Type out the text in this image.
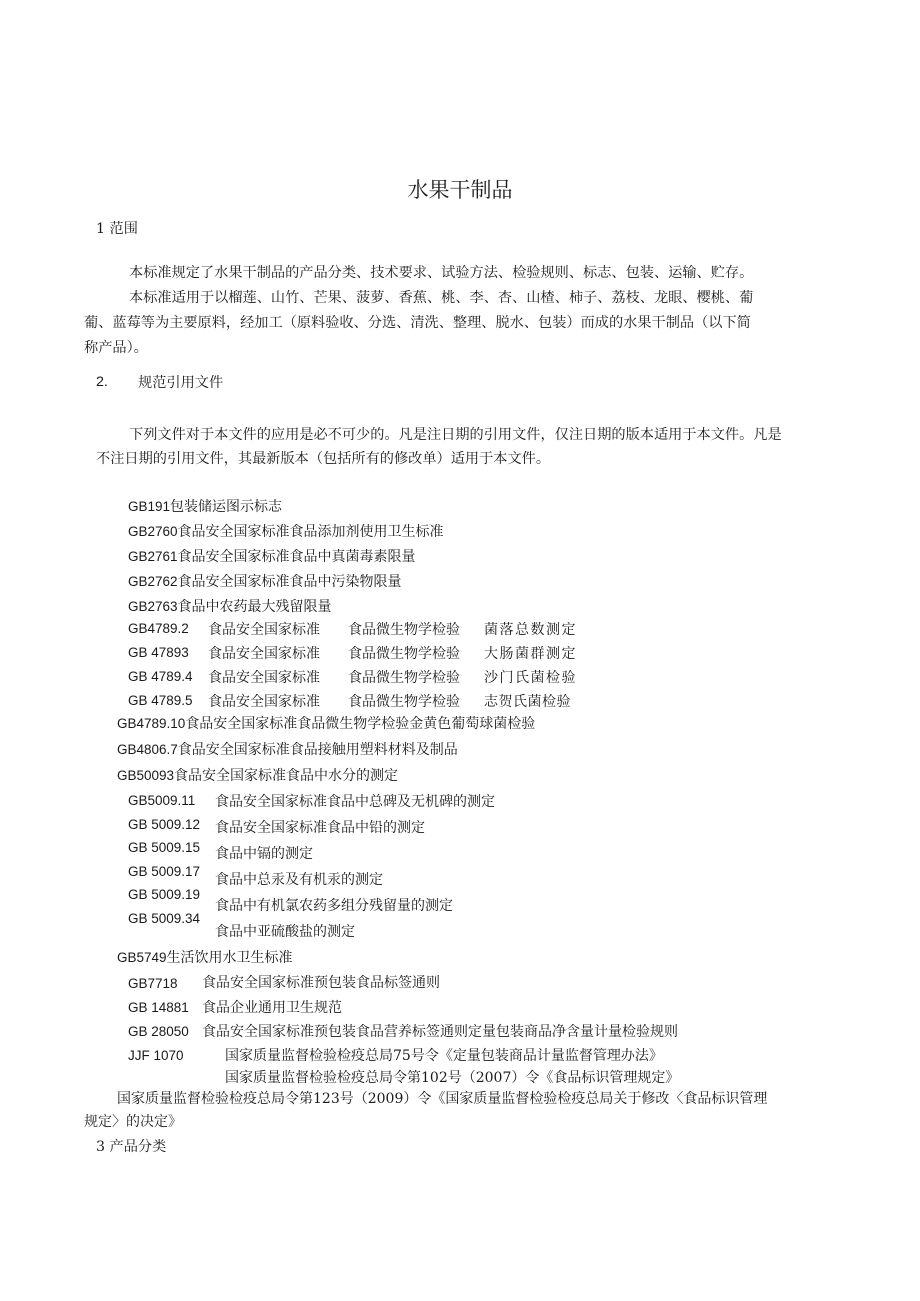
水果干制品
1 范围
本标准规定了水果干制品的产品分类、技术要求、试验方法、检验规则、标志、包装、运输、贮存。
本标准适用于以榴莲、山竹、芒果、菠萝、香蕉、桃、李、杏、山楂、柿子、荔枝、龙眼、樱桃、葡
葡、蓝莓等为主要原料，经加工（原料验收、分选、清洗、整理、脱水、包装）而成的水果干制品（以下简
称产品）。
2. 规范引用文件
下列文件对于本文件的应用是必不可少的。凡是注日期的引用文件，仅注日期的版本适用于本文件。凡是
不注日期的引用文件，其最新版本（包括所有的修改单）适用于本文件。
GB191包装储运图示标志
GB2760食品安全国家标准食品添加剂使用卫生标准
GB2761食品安全国家标准食品中真菌毒素限量
GB2762食品安全国家标准食品中污染物限量
GB2763食品中农药最大残留限量
GB4789.2 食品安全国家标准 食品微生物学检验 菌落总数测定
GB 47893 食品安全国家标准 食品微生物学检验 大肠菌群测定
GB 4789.4 食品安全国家标准 食品微生物学检验 沙门氏菌检验
GB 4789.5 食品安全国家标准 食品微生物学检验 志贺氏菌检验
GB4789.10食品安全国家标准食品微生物学检验金黄色葡萄球菌检验
GB4806.7食品安全国家标准食品接触用塑料材料及制品
GB50093食品安全国家标准食品中水分的测定
GB5009.11
GB 5009.12
GB 5009.15
GB 5009.17
GB 5009.19
GB 5009.34
食品安全国家标准食品中总碑及无机碑的测定
食品安全国家标准食品中铅的测定
食品中镉的测定
食品中总汞及有机汞的测定
食品中有机氯农药多组分残留量的测定
食品中亚硫酸盐的测定
GB5749生活饮用水卫生标准
GB7718 食品安全国家标准预包装食品标签通则
GB 14881 食品企业通用卫生规范
GB 28050 食品安全国家标准预包装食品营养标签通则定量包装商品净含量计量检验规则
JJF 1070	国家质量监督检验检疫总局75号令《定量包装商品计量监督管理办法》
国家质量监督检验检疫总局令第102号（2007）令《食品标识管理规定》
国家质量监督检验检疫总局令第123号（2009）令《国家质量监督检验检疫总局关于修改〈食品标识管理
规定〉的决定》
3 产品分类
